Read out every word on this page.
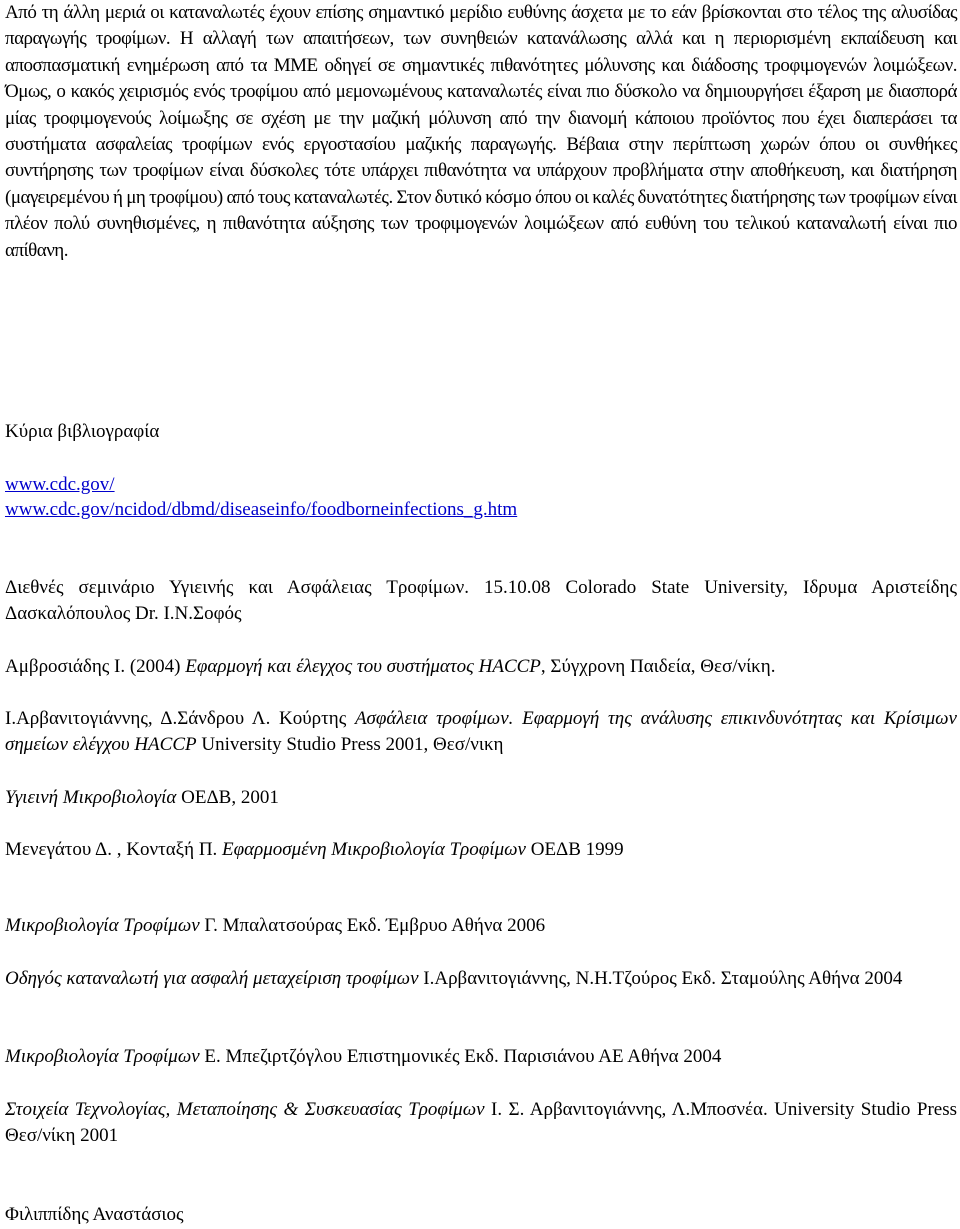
Από τη άλλη μεριά οι καταναλωτές έχουν επίσης σημαντικό μερίδιο ευθύνης άσχετα με το εάν βρίσκονται στο τέλος της αλυσίδας παραγωγής τροφίμων. Η αλλαγή των απαιτήσεων, των συνηθειών κατανάλωσης αλλά και η περιορισμένη εκπαίδευση και αποσπασματική ενημέρωση από τα ΜΜΕ οδηγεί σε σημαντικές πιθανότητες μόλυνσης και διάδοσης τροφιμογενών λοιμώξεων. Όμως, ο κακός χειρισμός ενός τροφίμου από μεμονωμένους καταναλωτές είναι πιο δύσκολο να δημιουργήσει έξαρση με διασπορά μίας τροφιμογενούς λοίμωξης σε σχέση με την μαζική μόλυνση από την διανομή κάποιου προϊόντος που έχει διαπεράσει τα συστήματα ασφαλείας τροφίμων ενός εργοστασίου μαζικής παραγωγής. Βέβαια στην περίπτωση χωρών όπου οι συνθήκες συντήρησης των τροφίμων είναι δύσκολες τότε υπάρχει πιθανότητα να υπάρχουν προβλήματα στην αποθήκευση, και διατήρηση (μαγειρεμένου ή μη τροφίμου) από τους καταναλωτές. Στον δυτικό κόσμο όπου οι καλές δυνατότητες διατήρησης των τροφίμων είναι πλέον πολύ συνηθισμένες, η πιθανότητα αύξησης των τροφιμογενών λοιμώξεων από ευθύνη του τελικού καταναλωτή είναι πιο απίθανη.

Κύρια βιβλιογραφία

www.cdc.gov/

www.cdc.gov/ncidod/dbmd/diseaseinfo/foodborneinfections_g.htm

Διεθνές σεμινάριο Υγιεινής και Ασφάλειας Τροφίμων. 15.10.08 Colorado State University, Ιδρυμα Αριστείδης Δασκαλόπουλος Dr. I.N.Σοφός

Αμβροσιάδης Ι. (2004) Εφαρμογή και έλεγχος του συστήματος HACCP, Σύγχρονη Παιδεία, Θεσ/νίκη.

Ι.Αρβανιτογιάννης, Δ.Σάνδρου Λ. Κούρτης Ασφάλεια τροφίμων. Εφαρμογή της ανάλυσης επικινδυνότητας και Κρίσιμων σημείων ελέγχου HACCP University Studio Press 2001, Θεσ/νικη

Υγιεινή Μικροβιολογία ΟΕΔΒ, 2001

Μενεγάτου Δ. , Κονταξή Π. Εφαρμοσμένη Μικροβιολογία Τροφίμων ΟΕΔΒ 1999

Μικροβιολογία Τροφίμων Γ. Μπαλατσούρας Εκδ. Έμβρυο Αθήνα 2006

Οδηγός καταναλωτή για ασφαλή μεταχείριση τροφίμων Ι.Αρβανιτογιάννης, Ν.Η.Τζούρος Εκδ. Σταμούλης Αθήνα 2004

Μικροβιολογία Τροφίμων Ε. Μπεζιρτζόγλου Επιστημονικές Εκδ. Παρισιάνου ΑΕ Αθήνα 2004

Στοιχεία Τεχνολογίας, Μεταποίησης & Συσκευασίας Τροφίμων Ι. Σ. Αρβανιτογιάννης, Λ.Μποσνέα. University Studio Press Θεσ/νίκη 2001

Φιλιππίδης Αναστάσιος
